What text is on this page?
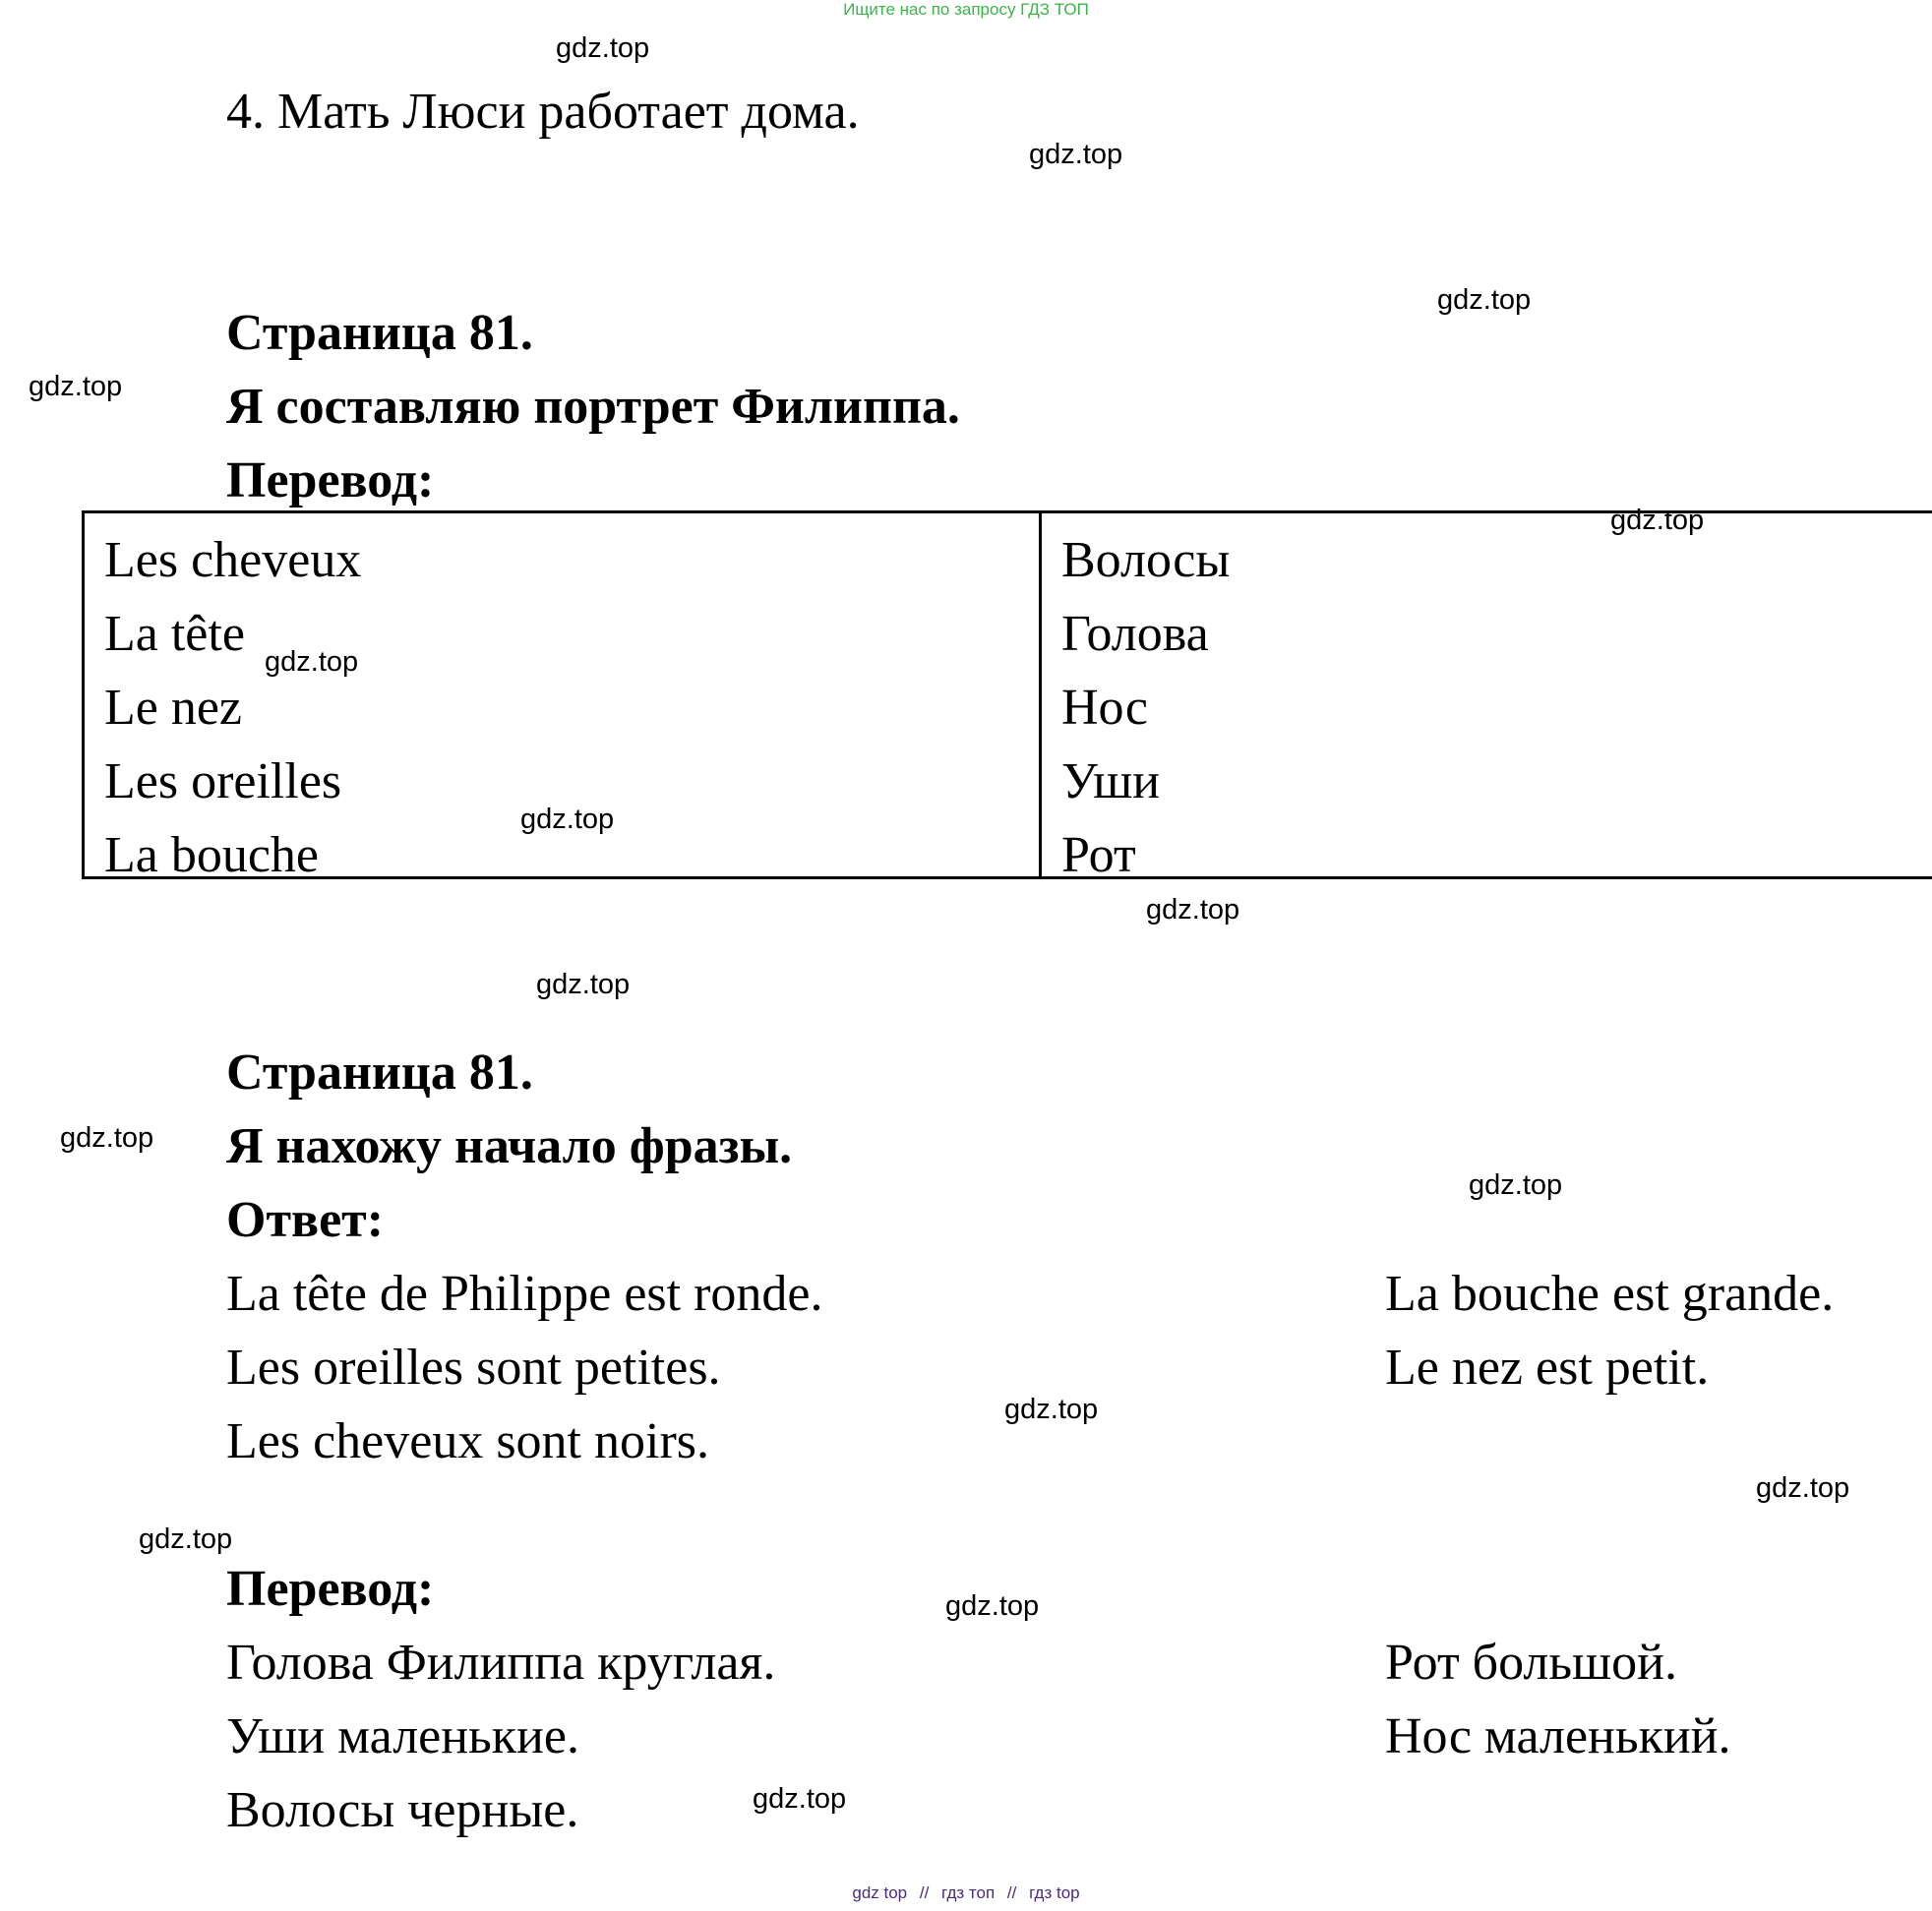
Ищите нас по запросу ГДЗ ТОП
4. Мать Люси работает дома.
Страница 81.
Я составляю портрет Филиппа.
Перевод:
Les cheveux
La tête
Le nez
Les oreilles
La bouche
Волосы
Голова
Нос
Уши
Рот
Страница 81.
Я нахожу начало фразы.
Ответ:
La tête de Philippe est ronde.
Les oreilles sont petites.
Les cheveux sont noirs.
La bouche est grande.
Le nez est petit.
Перевод:
Голова Филиппа круглая.
Уши маленькие.
Волосы черные.
Рот большой.
Нос маленький.
gdz.top
gdz.top
gdz.top
gdz.top
gdz.top
gdz.top
gdz.top
gdz.top
gdz.top
gdz.top
gdz.top
gdz.top
gdz.top
gdz.top
gdz.top
gdz.top
gdz top // гдз топ // гдз top
